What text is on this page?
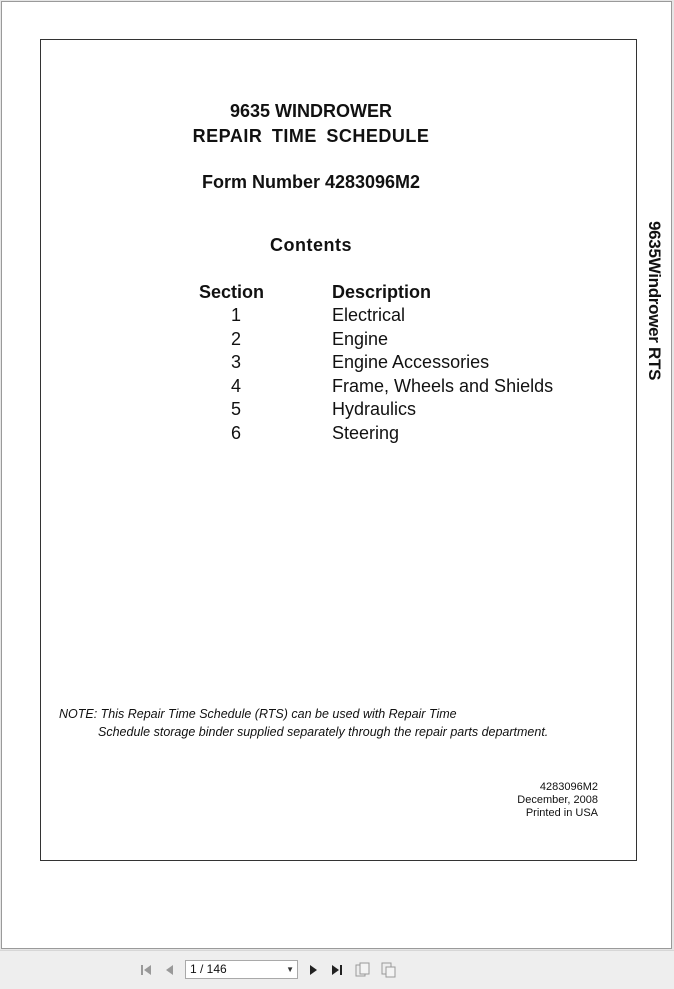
9635 WINDROWER
REPAIR TIME SCHEDULE
Form Number 4283096M2
Contents
Section	Description
1	Electrical
2	Engine
3	Engine Accessories
4	Frame, Wheels and Shields
5	Hydraulics
6	Steering
NOTE: This Repair Time Schedule (RTS) can be used with Repair Time
Schedule storage binder supplied separately through the repair parts department.
4283096M2
December, 2008
Printed in USA
9635Windrower RTS
1 / 146	▼
